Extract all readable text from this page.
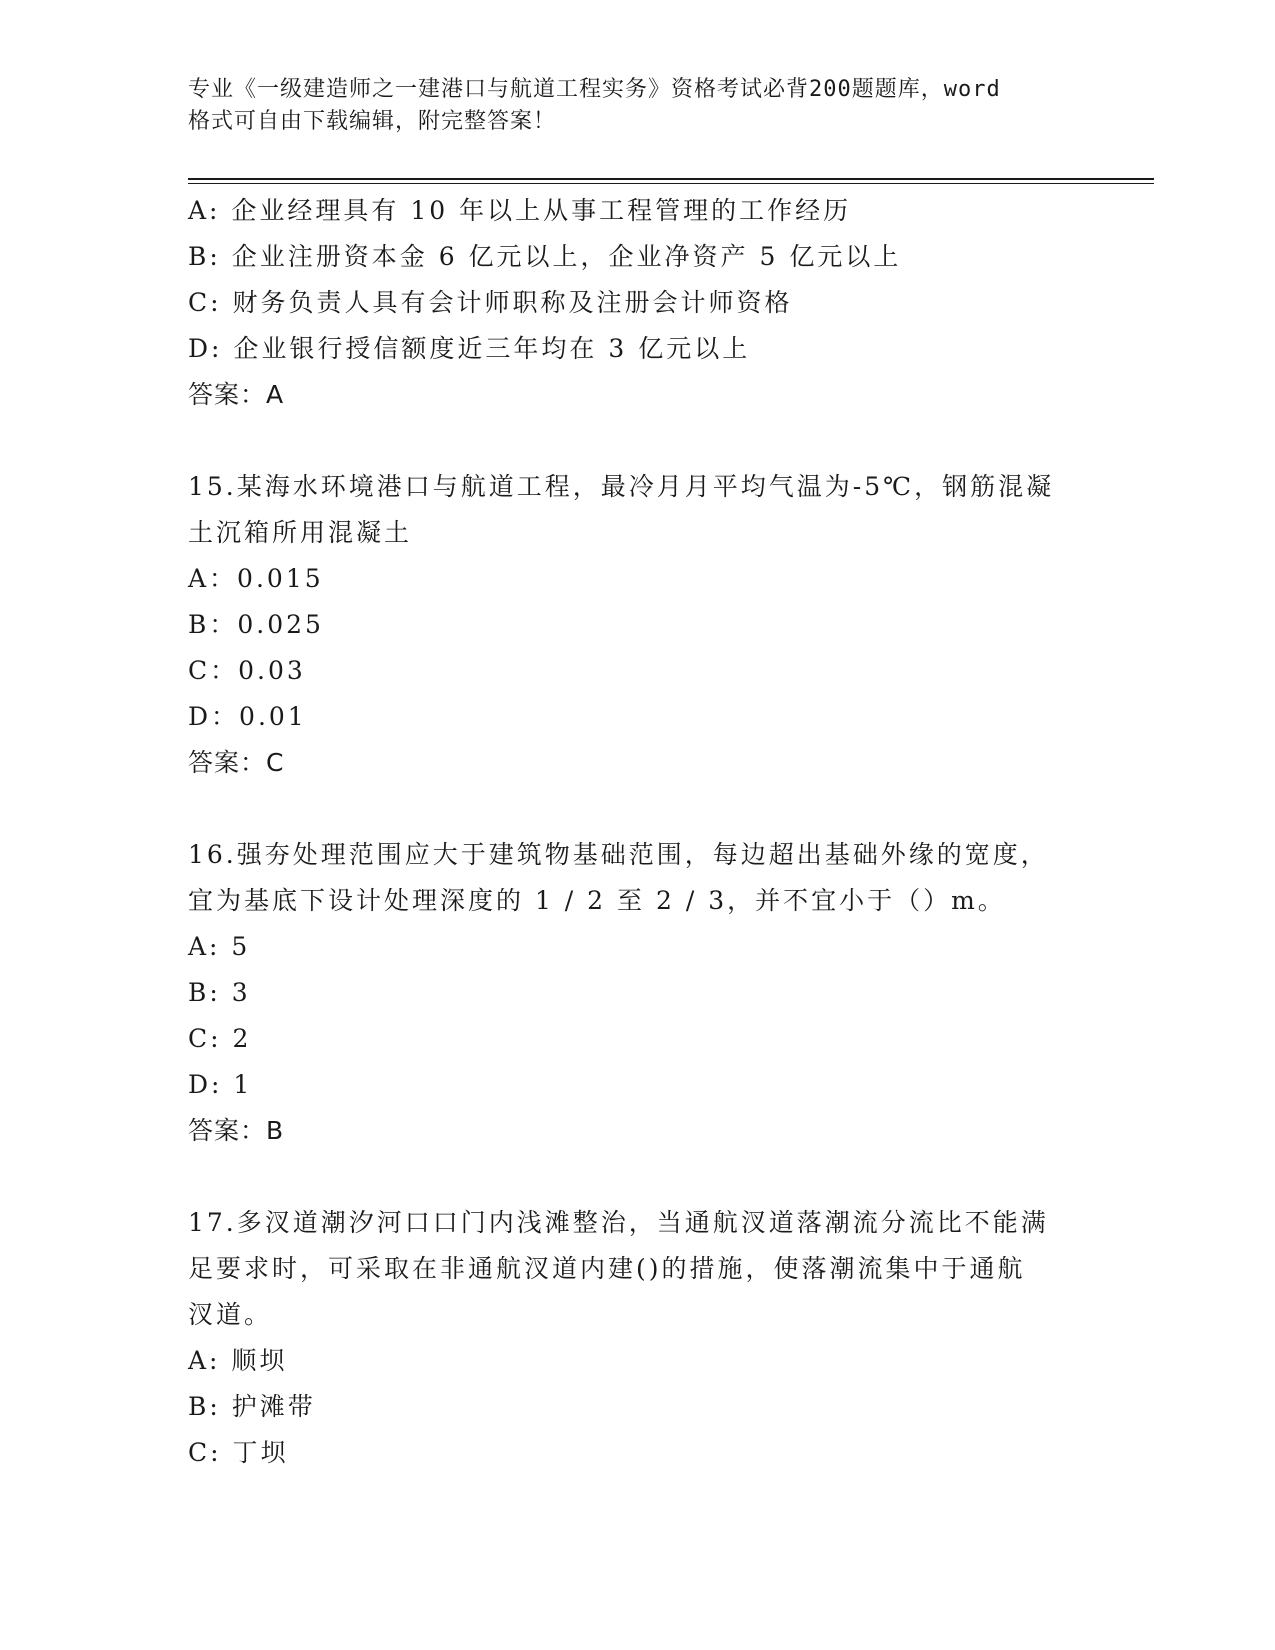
专业《一级建造师之一建港口与航道工程实务》资格考试必背200题题库，word
格式可自由下载编辑，附完整答案！
A: 企业经理具有 10 年以上从事工程管理的工作经历
B: 企业注册资本金 6 亿元以上，企业净资产 5 亿元以上
C: 财务负责人具有会计师职称及注册会计师资格
D: 企业银行授信额度近三年均在 3 亿元以上
答案：A
15.某海水环境港口与航道工程，最冷月月平均气温为-5℃，钢筋混凝
土沉箱所用混凝土
A：0.015
B：0.025
C：0.03
D：0.01
答案：C
16.强夯处理范围应大于建筑物基础范围，每边超出基础外缘的宽度，
宜为基底下设计处理深度的 1 / 2 至 2 / 3，并不宜小于（）m。
A: 5
B: 3
C: 2
D: 1
答案：B
17.多汊道潮汐河口口门内浅滩整治，当通航汊道落潮流分流比不能满
足要求时，可采取在非通航汊道内建()的措施，使落潮流集中于通航
汊道。
A: 顺坝
B: 护滩带
C: 丁坝
